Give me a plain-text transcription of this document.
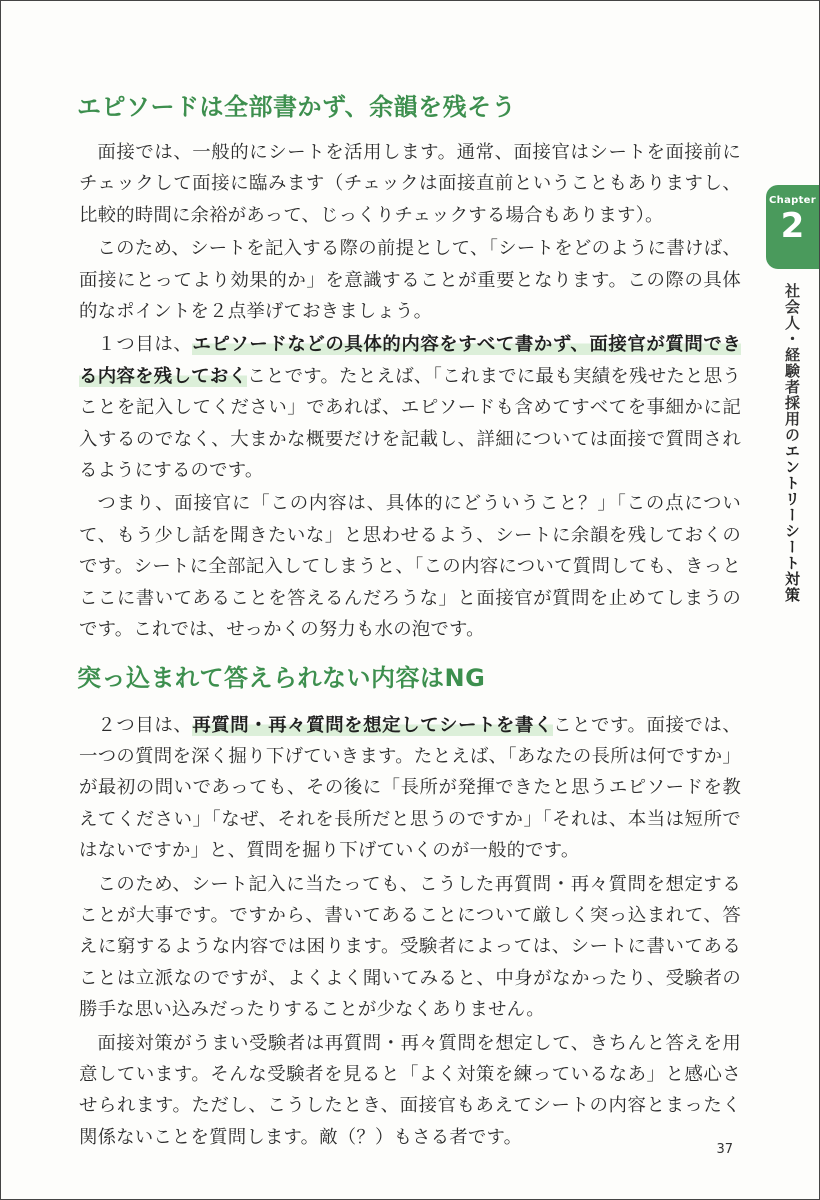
エピソードは全部書かず、余韻を残そう

面接では、一般的にシートを活用します。通常、面接官はシートを面接前にチェックして面接に臨みます（チェックは面接直前ということもありますし、比較的時間に余裕があって、じっくりチェックする場合もあります）。

このため、シートを記入する際の前提として、「シートをどのように書けば、面接にとってより効果的か」を意識することが重要となります。この際の具体的なポイントを２点挙げておきましょう。

１つ目は、エピソードなどの具体的内容をすべて書かず、面接官が質問できる内容を残しておくことです。たとえば、「これまでに最も実績を残せたと思うことを記入してください」であれば、エピソードも含めてすべてを事細かに記入するのでなく、大まかな概要だけを記載し、詳細については面接で質問されるようにするのです。

つまり、面接官に「この内容は、具体的にどういうこと？」「この点について、もう少し話を聞きたいな」と思わせるよう、シートに余韻を残しておくのです。シートに全部記入してしまうと、「この内容について質問しても、きっとここに書いてあることを答えるんだろうな」と面接官が質問を止めてしまうのです。これでは、せっかくの努力も水の泡です。

突っ込まれて答えられない内容はNG

２つ目は、再質問・再々質問を想定してシートを書くことです。面接では、一つの質問を深く掘り下げていきます。たとえば、「あなたの長所は何ですか」が最初の問いであっても、その後に「長所が発揮できたと思うエピソードを教えてください」「なぜ、それを長所だと思うのですか」「それは、本当は短所ではないですか」と、質問を掘り下げていくのが一般的です。

このため、シート記入に当たっても、こうした再質問・再々質問を想定することが大事です。ですから、書いてあることについて厳しく突っ込まれて、答えに窮するような内容では困ります。受験者によっては、シートに書いてあることは立派なのですが、よくよく聞いてみると、中身がなかったり、受験者の勝手な思い込みだったりすることが少なくありません。

面接対策がうまい受験者は再質問・再々質問を想定して、きちんと答えを用意しています。そんな受験者を見ると「よく対策を練っているなあ」と感心させられます。ただし、こうしたとき、面接官もあえてシートの内容とまったく関係ないことを質問します。敵（？）もさる者です。

Chapter
2
社会人・経験者採用のエントリーシート対策
37
